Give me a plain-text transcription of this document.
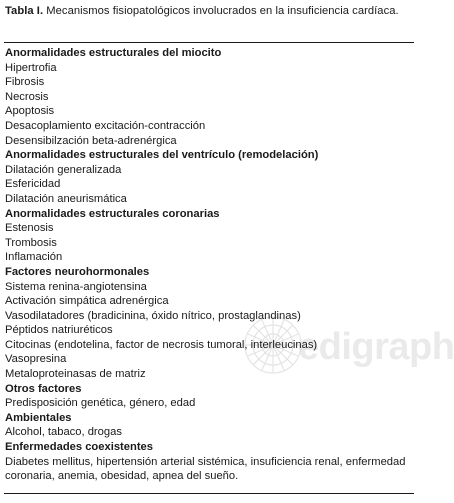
Tabla I. Mecanismos fisiopatológicos involucrados en la insuficiencia cardíaca.
edigraph
Anormalidades estructurales del miocito
Hipertrofia
Fibrosis
Necrosis
Apoptosis
Desacoplamiento excitación-contracción
Desensibilzación beta-adrenérgica
Anormalidades estructurales del ventrículo (remodelación)
Dilatación generalizada
Esfericidad
Dilatación aneurismática
Anormalidades estructurales coronarias
Estenosis
Trombosis
Inflamación
Factores neurohormonales
Sistema renina-angiotensina
Activación simpática adrenérgica
Vasodilatadores (bradicinina, óxido nítrico, prostaglandinas)
Péptidos natriuréticos
Citocinas (endotelina, factor de necrosis tumoral, interleucinas)
Vasopresina
Metaloproteinasas de matriz
Otros factores
Predisposición genética, género, edad
Ambientales
Alcohol, tabaco, drogas
Enfermedades coexistentes
Diabetes mellitus, hipertensión arterial sistémica, insuficiencia renal, enfermedad coronaria, anemia, obesidad, apnea del sueño.
